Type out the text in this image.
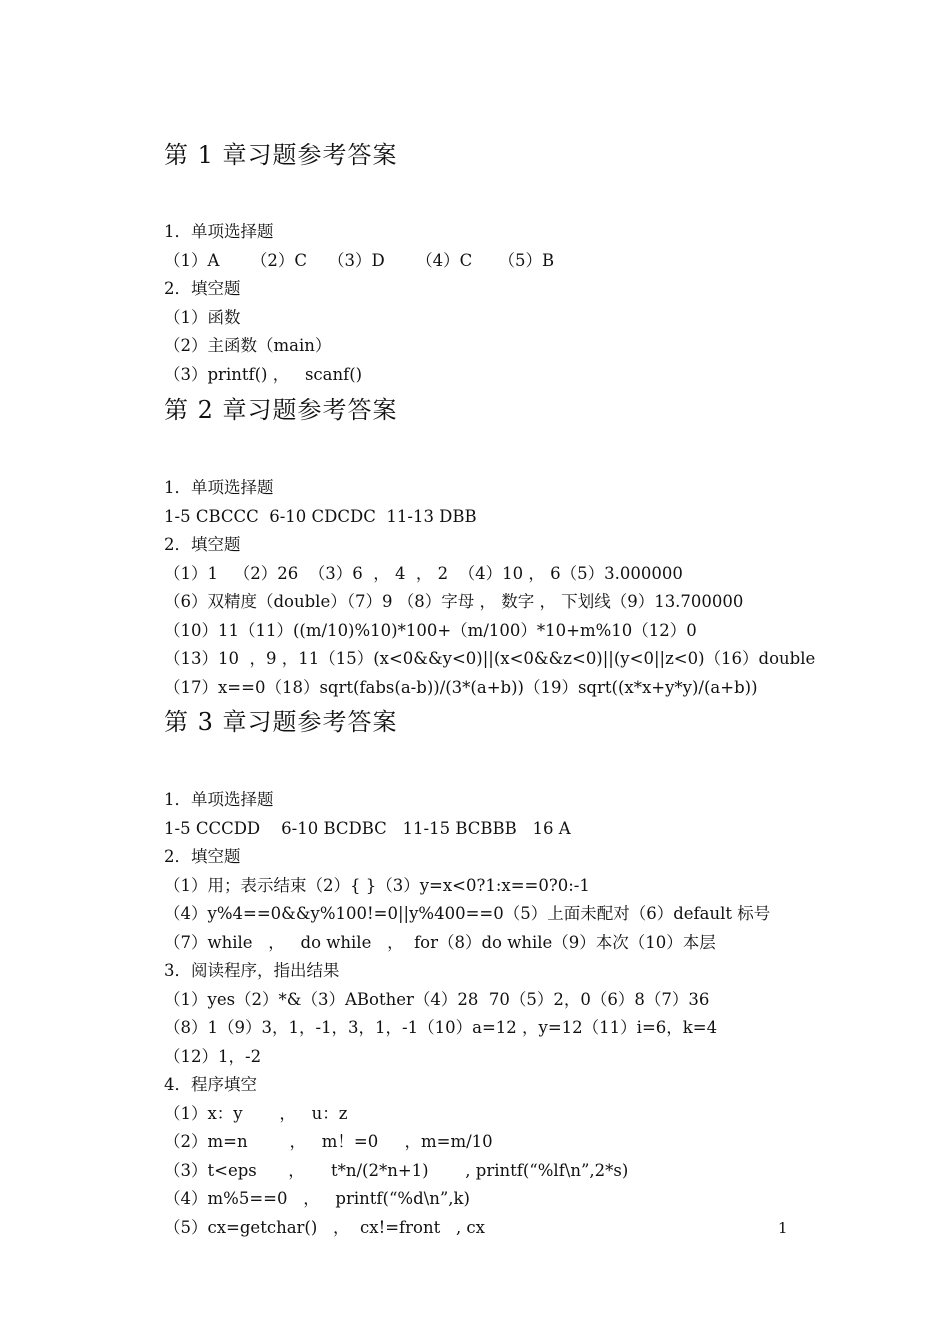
第 1 章习题参考答案

1．单项选择题

（1）A      （2）C    （3）D      （4）C     （5）B

2．填空题

（1）函数

（2）主函数（main）

（3）printf() ，   scanf()

第 2 章习题参考答案

1．单项选择题

1-5 CBCCC  6-10 CDCDC  11-13 DBB

2．填空题

（1）1   （2）26  （3）6  ， 4  ， 2  （4）10 ， 6（5）3.000000

（6）双精度（double）（7）9 （8）字母 ， 数字 ， 下划线（9）13.700000

（10）11（11）((m/10)%10)*100+（m/100）*10+m%10（12）0

（13）10  ，9 ，11（15）(x<0&&y<0)||(x<0&&z<0)||(y<0||z<0)（16）double

（17）x==0（18）sqrt(fabs(a-b))/(3*(a+b))（19）sqrt((x*x+y*y)/(a+b))

第 3 章习题参考答案

1．单项选择题

1-5 CCCDD    6-10 BCDBC   11-15 BCBBB   16 A

2．填空题

（1）用；表示结束（2）{ }（3）y=x<0?1:x==0?0:-1

（4）y%4==0&&y%100!=0||y%400==0（5）上面未配对（6）default 标号

（7）while   ，   do while   ，  for（8）do while（9）本次（10）本层

3．阅读程序，指出结果

（1）yes（2）*&（3）ABother（4）28  70（5）2，0（6）8（7）36

（8）1（9）3，1，-1，3，1，-1（10）a=12 ，y=12（11）i=6，k=4

（12）1，-2

4．程序填空

（1）x：y       ，   u：z

（2）m=n        ，   m！=0     ，m=m/10

（3）t<eps      ，     t*n/(2*n+1)       , printf(“%lf\n”,2*s)

（4）m%5==0   ，   printf(“%d\n”,k)

（5）cx=getchar()   ，  cx!=front   , cx	1
